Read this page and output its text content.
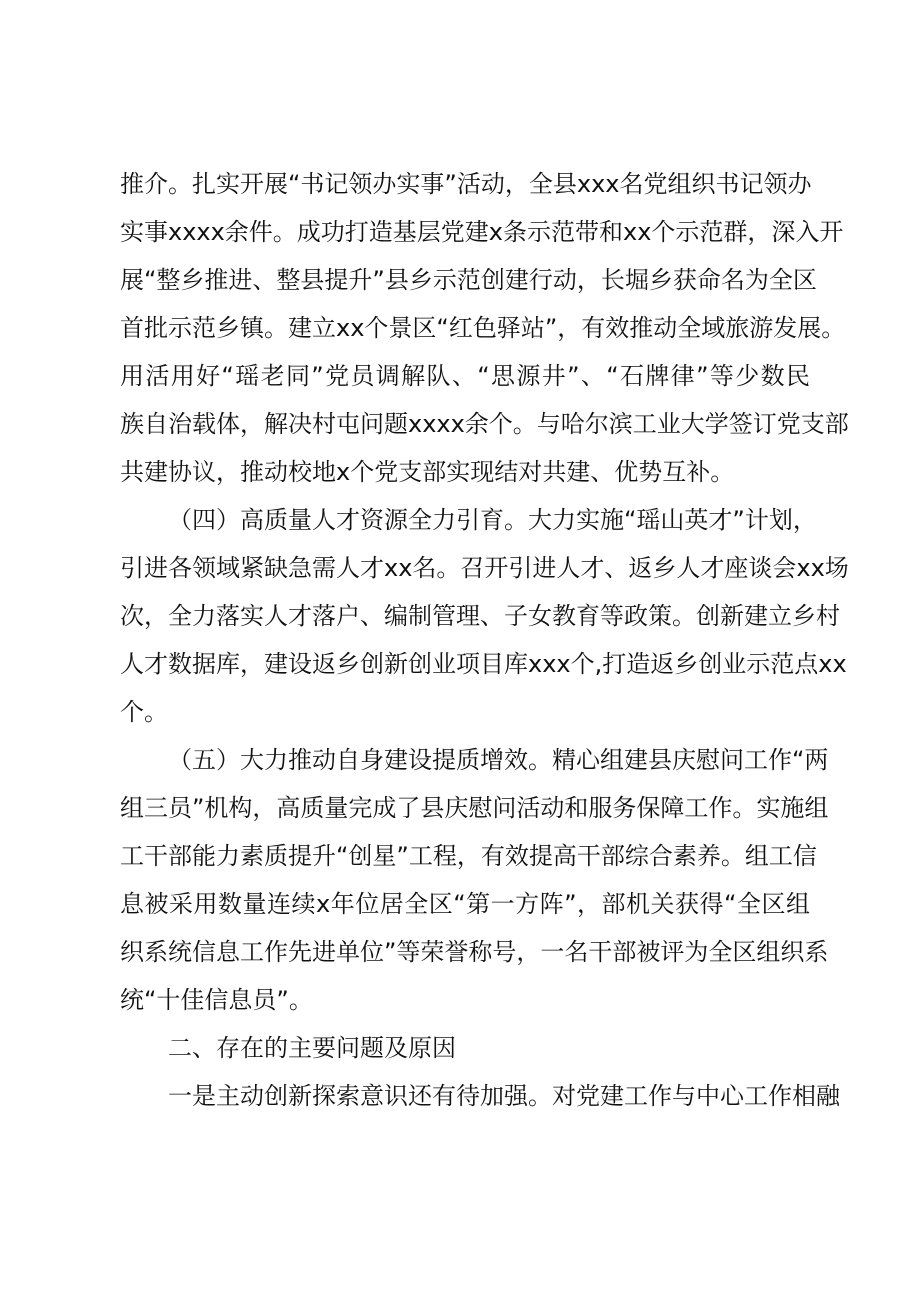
推介。扎实开展“书记领办实事”活动，全县xxx名党组织书记领办
实事xxxx余件。成功打造基层党建x条示范带和xx个示范群，深入开
展“整乡推进、整县提升”县乡示范创建行动，长堀乡获命名为全区
首批示范乡镇。建立xx个景区“红色驿站”，有效推动全域旅游发展。
用活用好“瑶老同”党员调解队、“思源井”、“石牌律”等少数民
族自治载体，解决村屯问题xxxx余个。与哈尔滨工业大学签订党支部
共建协议，推动校地x个党支部实现结对共建、优势互补。
（四）高质量人才资源全力引育。大力实施“瑶山英才”计划，
引进各领域紧缺急需人才xx名。召开引进人才、返乡人才座谈会xx场
次，全力落实人才落户、编制管理、子女教育等政策。创新建立乡村
人才数据库，建设返乡创新创业项目库xxx个,打造返乡创业示范点xx
个。
（五）大力推动自身建设提质增效。精心组建县庆慰问工作“两
组三员”机构，高质量完成了县庆慰问活动和服务保障工作。实施组
工干部能力素质提升“创星”工程，有效提高干部综合素养。组工信
息被采用数量连续x年位居全区“第一方阵”，部机关获得“全区组
织系统信息工作先进单位”等荣誉称号，一名干部被评为全区组织系
统“十佳信息员”。
二、存在的主要问题及原因
一是主动创新探索意识还有待加强。对党建工作与中心工作相融
